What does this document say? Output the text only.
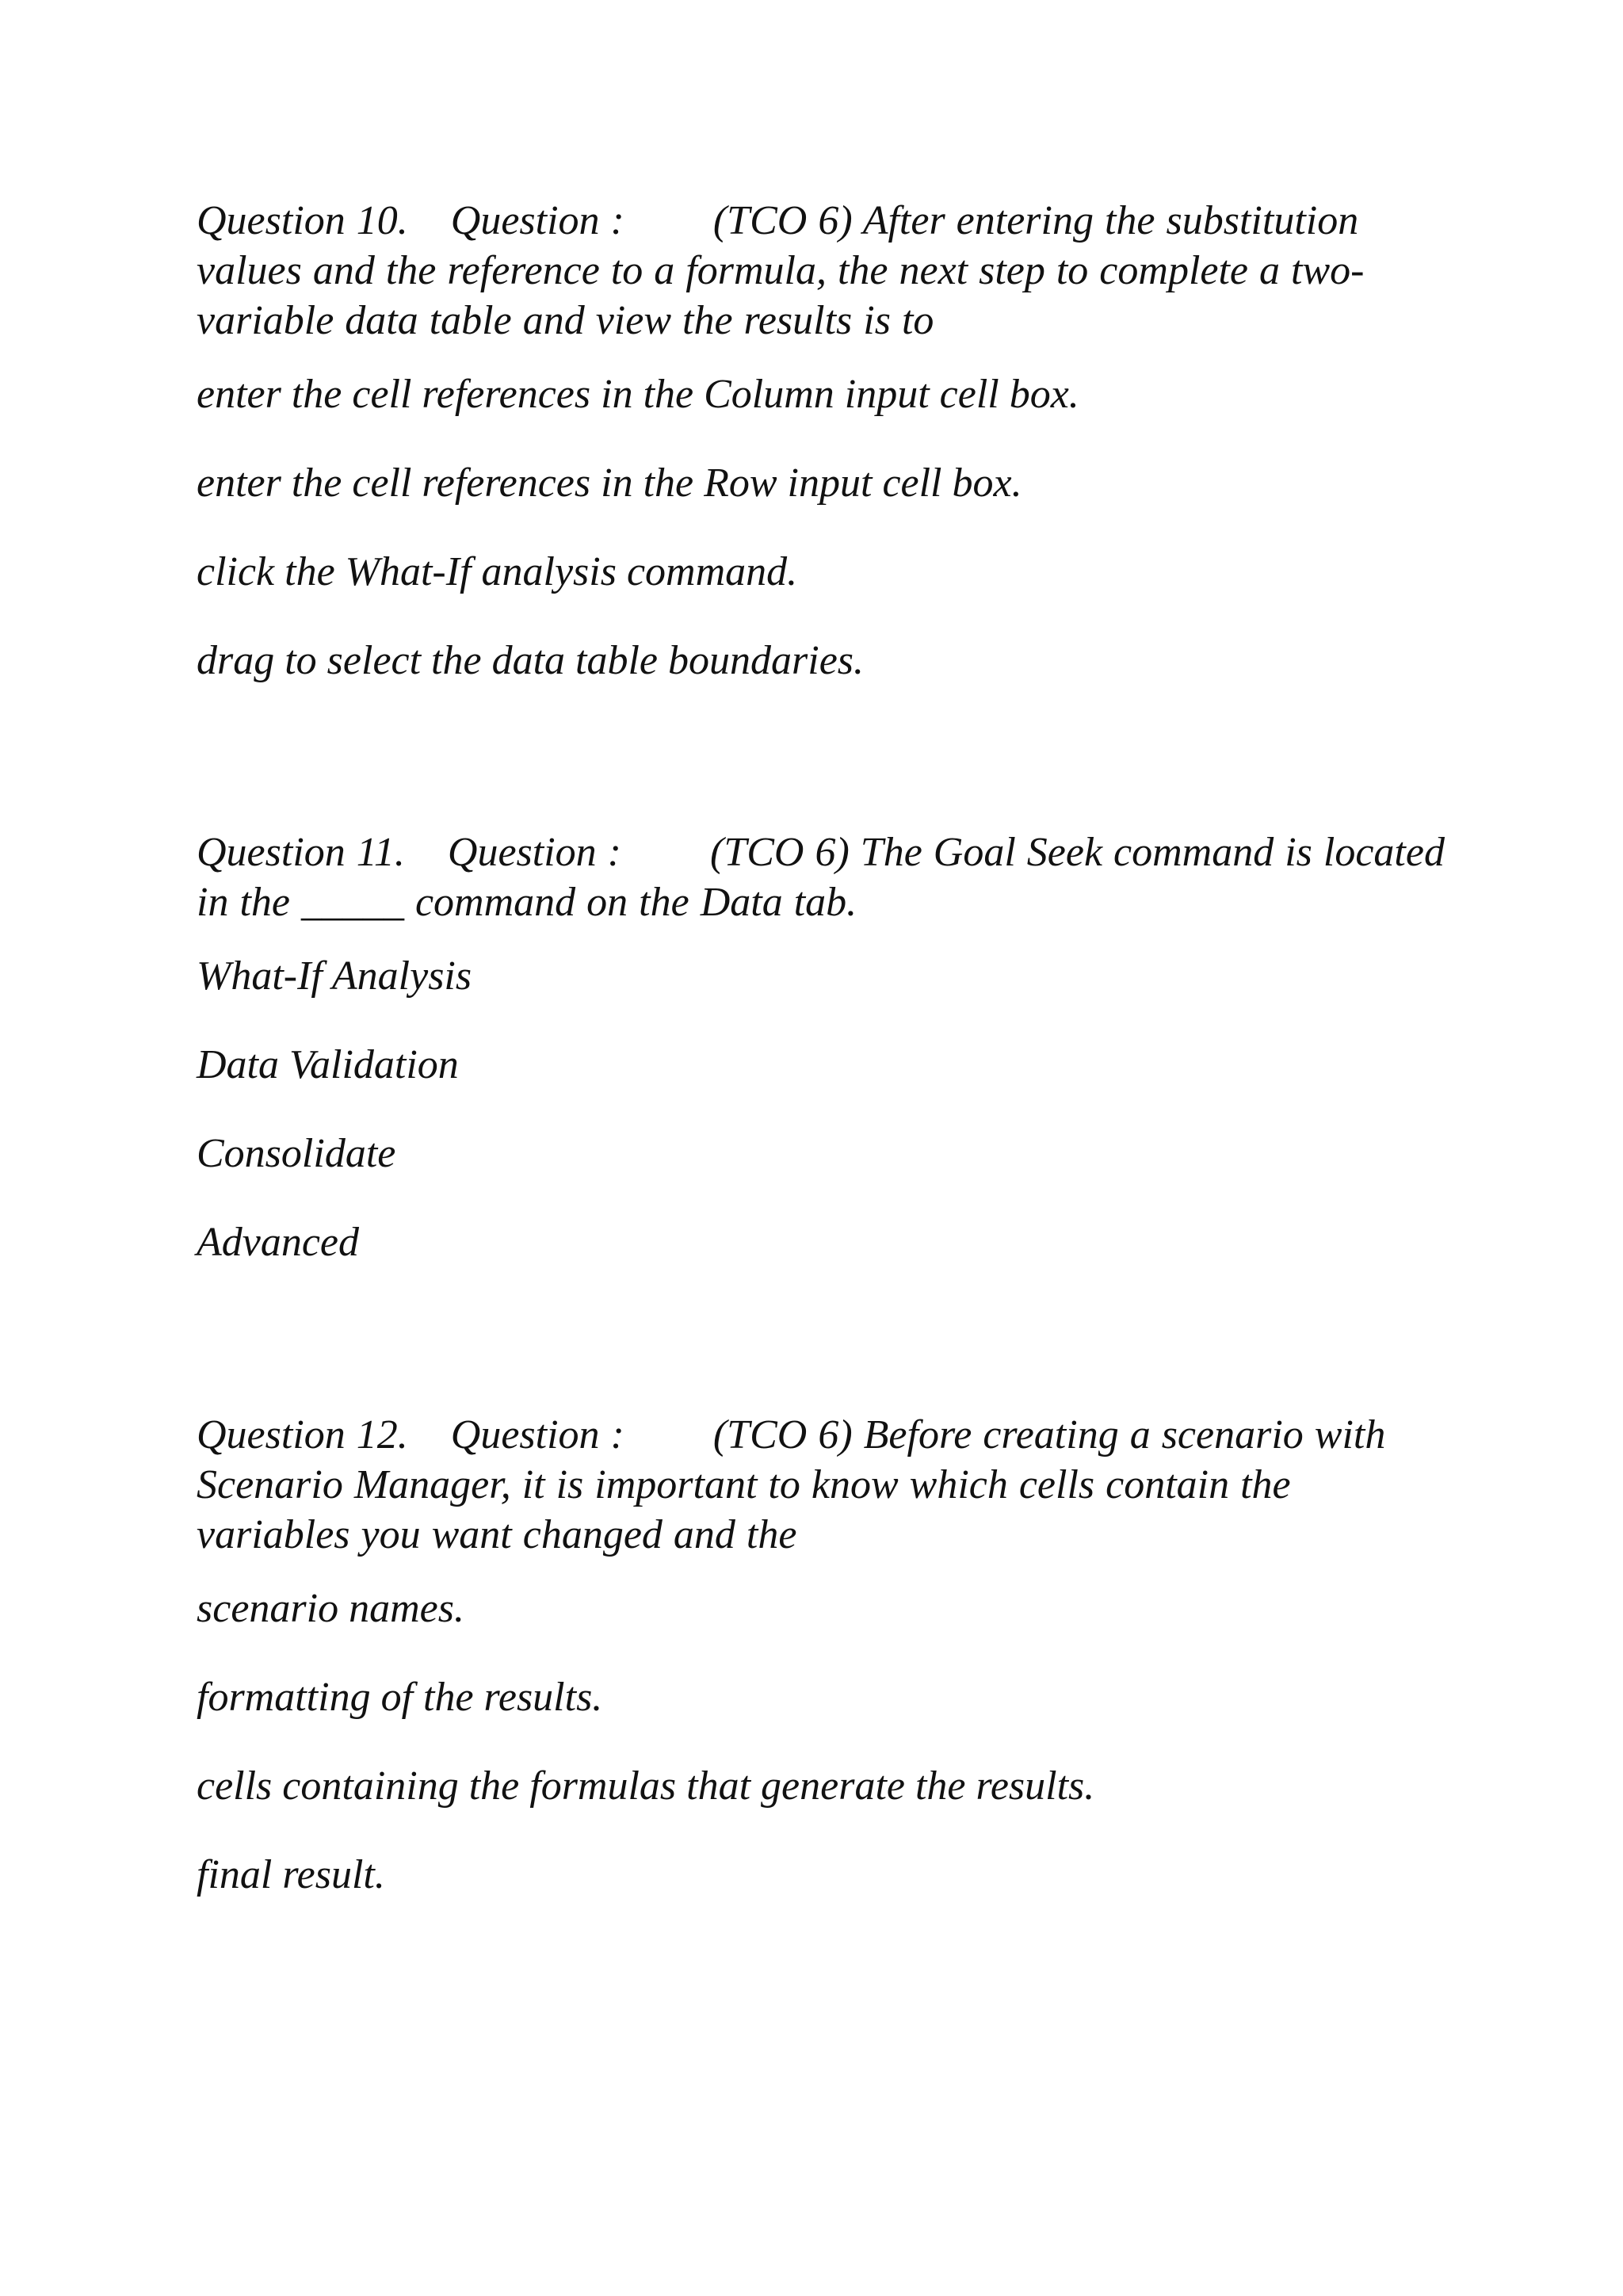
Question 10. Question : (TCO 6) After entering the substitution values and the reference to a formula, the next step to complete a two-variable data table and view the results is to

enter the cell references in the Column input cell box.

enter the cell references in the Row input cell box.

click the What-If analysis command.

drag to select the data table boundaries.

Question 11. Question : (TCO 6) The Goal Seek command is located in the _____ command on the Data tab.

What-If Analysis

Data Validation

Consolidate

Advanced

Question 12. Question : (TCO 6) Before creating a scenario with Scenario Manager, it is important to know which cells contain the variables you want changed and the

scenario names.

formatting of the results.

cells containing the formulas that generate the results.

final result.
